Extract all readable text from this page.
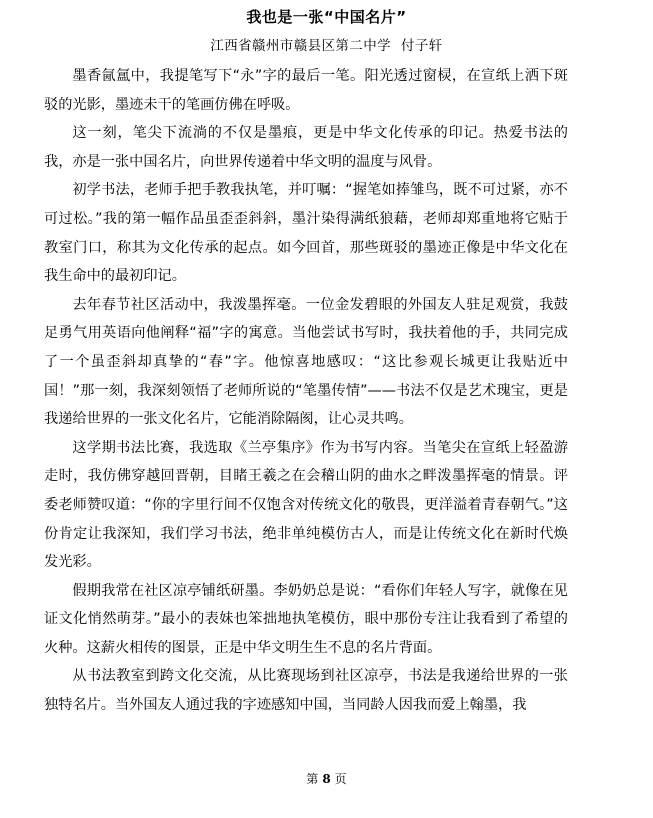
我也是一张“中国名片”
江西省赣州市赣县区第二中学 付子轩

墨香氤氲中，我提笔写下“永”字的最后一笔。阳光透过窗棂，在宣纸上洒下斑驳的光影，墨迹未干的笔画仿佛在呼吸。

这一刻，笔尖下流淌的不仅是墨痕，更是中华文化传承的印记。热爱书法的我，亦是一张中国名片，向世界传递着中华文明的温度与风骨。

初学书法，老师手把手教我执笔，并叮嘱：“握笔如捧雏鸟，既不可过紧，亦不可过松。”我的第一幅作品虽歪歪斜斜，墨汁染得满纸狼藉，老师却郑重地将它贴于教室门口，称其为文化传承的起点。如今回首，那些斑驳的墨迹正像是中华文化在我生命中的最初印记。

去年春节社区活动中，我泼墨挥毫。一位金发碧眼的外国友人驻足观赏，我鼓足勇气用英语向他阐释“福”字的寓意。当他尝试书写时，我扶着他的手，共同完成了一个虽歪斜却真挚的“春”字。他惊喜地感叹：“这比参观长城更让我贴近中国！”那一刻，我深刻领悟了老师所说的“笔墨传情”——书法不仅是艺术瑰宝，更是我递给世界的一张文化名片，它能消除隔阂，让心灵共鸣。

这学期书法比赛，我选取《兰亭集序》作为书写内容。当笔尖在宣纸上轻盈游走时，我仿佛穿越回晋朝，目睹王羲之在会稽山阴的曲水之畔泼墨挥毫的情景。评委老师赞叹道：“你的字里行间不仅饱含对传统文化的敬畏，更洋溢着青春朝气。”这份肯定让我深知，我们学习书法，绝非单纯模仿古人，而是让传统文化在新时代焕发光彩。

假期我常在社区凉亭铺纸研墨。李奶奶总是说：“看你们年轻人写字，就像在见证文化悄然萌芽。”最小的表妹也笨拙地执笔模仿，眼中那份专注让我看到了希望的火种。这薪火相传的图景，正是中华文明生生不息的名片背面。

从书法教室到跨文化交流，从比赛现场到社区凉亭，书法是我递给世界的一张独特名片。当外国友人通过我的字迹感知中国，当同龄人因我而爱上翰墨，我

第 8 页
